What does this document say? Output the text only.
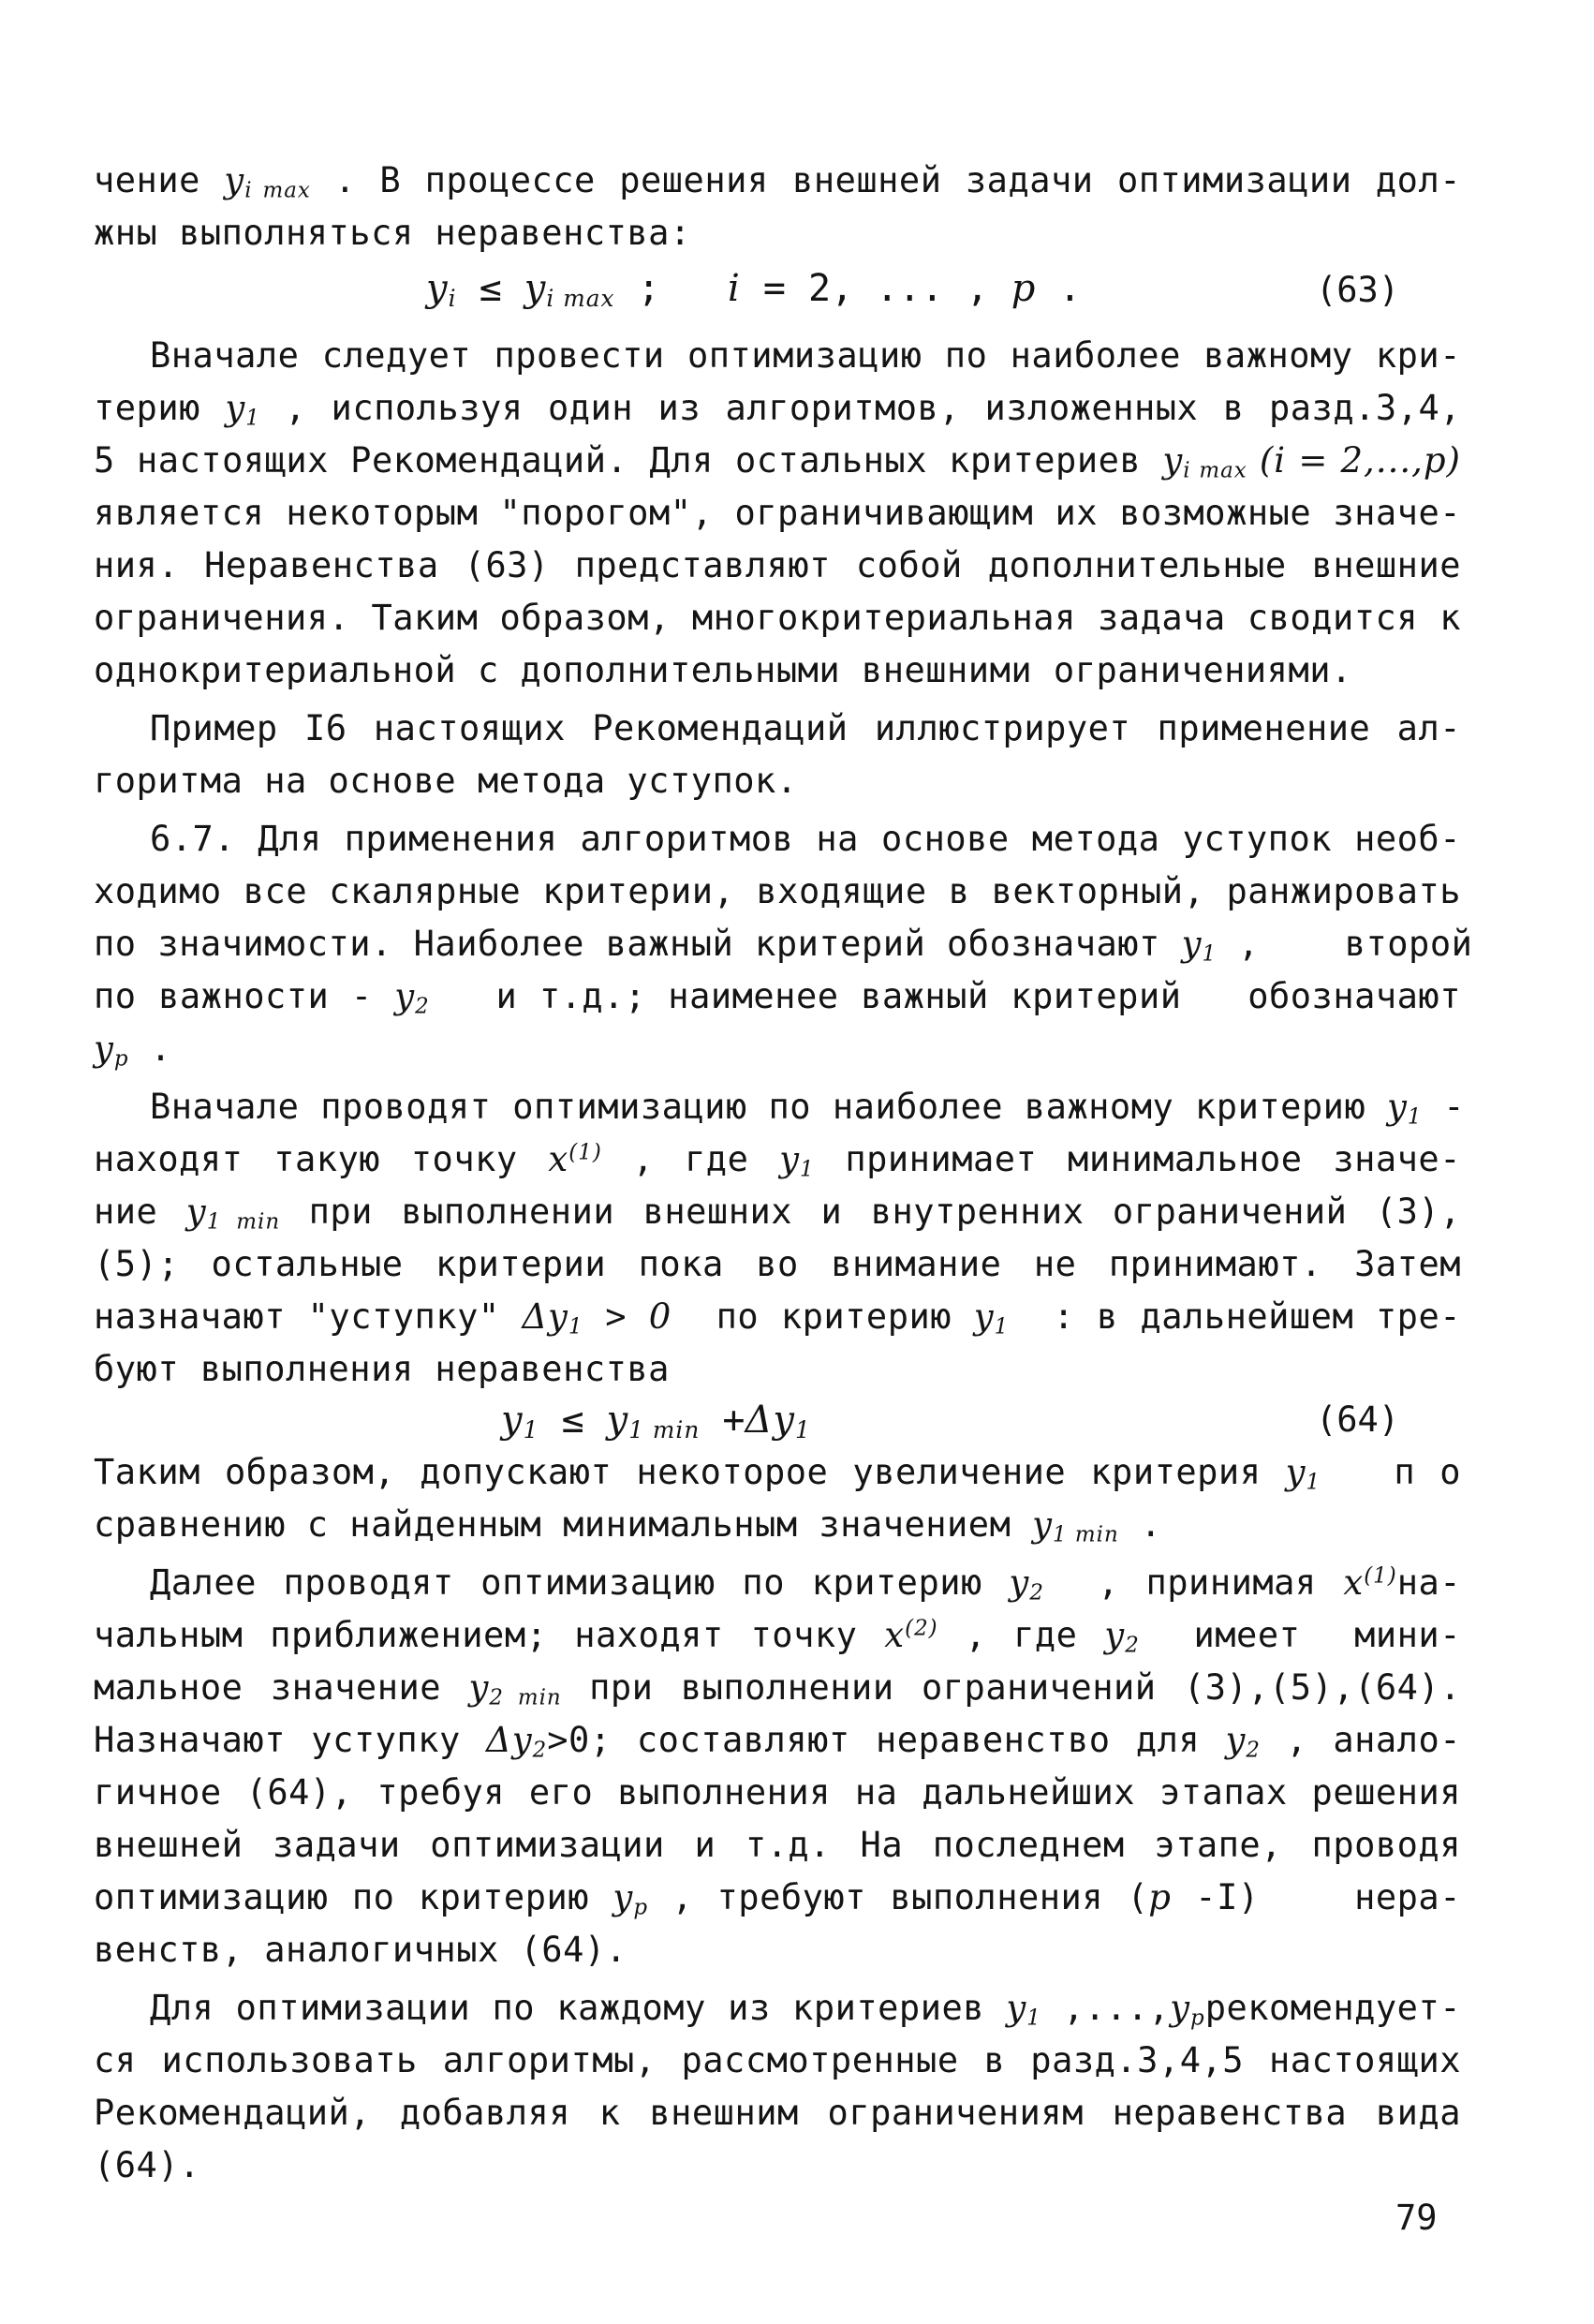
чение $y_{i max}$ . В процессе решения внешней задачи оптимизации дол-
жны выполняться неравенства:
$y_i \le y_{i max}$ ;   i = 2, ... , p .	(63)
Вначале следует провести оптимизацию по наиболее важному кри-
терию $y_1$ , используя один из алгоритмов, изложенных в разд.3,4,
5 настоящих Рекомендаций. Для остальных критериев $y_{i max}$ (i = 2,...,p)
является некоторым "порогом", ограничивающим их возможные значе-
ния. Неравенства (63) представляют собой дополнительные внешние
ограничения. Таким образом, многокритериальная задача сводится к
однокритериальной с дополнительными внешними ограничениями.
Пример I6 настоящих Рекомендаций иллюстрирует применение ал-
горитма на основе метода уступок.
6.7. Для применения алгоритмов на основе метода уступок необ-
ходимо все скалярные критерии, входящие в векторный, ранжировать
по значимости. Наиболее важный критерий обозначают $y_1$ ,    второй
по важности - $y_2$   и т.д.; наименее важный критерий   обозначают
$y_p$ .
Вначале проводят оптимизацию по наиболее важному критерию $y_1$ -
находят такую точку $x^{(1)}$ , где $y_1$ принимает минимальное значе-
ние $y_{1 min}$ при выполнении внешних и внутренних ограничений (3),
(5); остальные критерии пока во внимание не принимают. Затем
назначают "уступку" $\Delta y_1 > 0$  по критерию $y_1$  : в дальнейшем тре-
буют выполнения неравенства
$y_1 \le y_{1 min} +\Delta y_1$	(64)
Таким образом, допускают некоторое увеличение критерия $y_1$   п о
сравнению с найденным минимальным значением $y_{1 min}$ .
Далее проводят оптимизацию по критерию $y_2$  , принимая $x^{(1)}на-$
чальным приближением; находят точку $x^{(2)}$ , где $y_2$  имеет  мини-
мальное значение $y_{2 min}$ при выполнении ограничений (3),(5),(64).
Назначают уступку $\Delta y_2>0$; составляют неравенство для $y_2$ , анало-
гичное (64), требуя его выполнения на дальнейших этапах решения
внешней задачи оптимизации и т.д. На последнем этапе, проводя
оптимизацию по критерию $y_p$ , требуют выполнения (p -I)    нера-
венств, аналогичных (64).
Для оптимизации по каждому из критериев $y_1$ $,...,y_pрекомендует-$
ся использовать алгоритмы, рассмотренные в разд.3,4,5 настоящих
Рекомендаций, добавляя к внешним ограничениям неравенства вида
(64).
79
